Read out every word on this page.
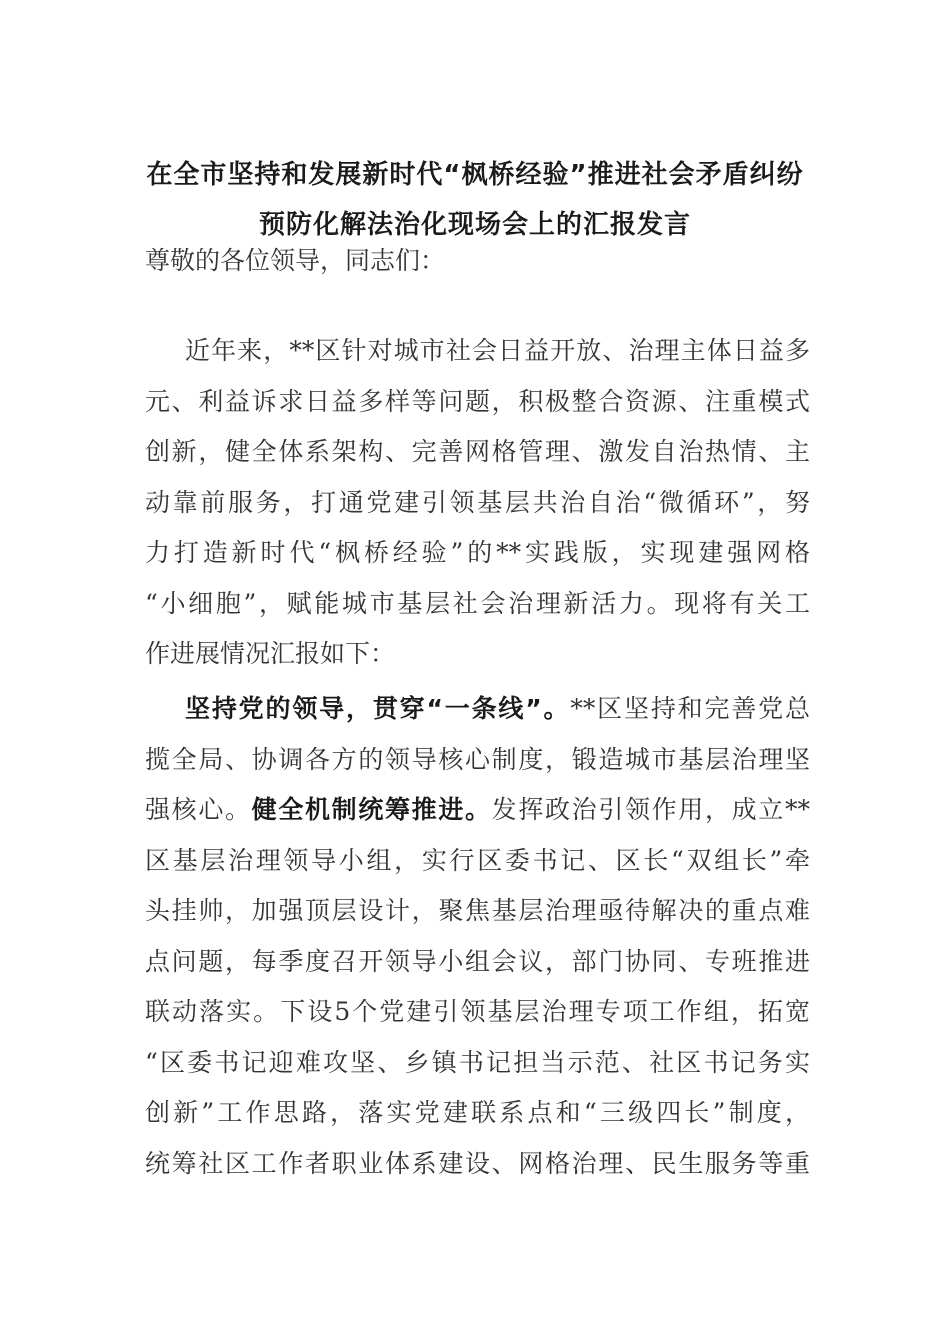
在全市坚持和发展新时代“枫桥经验”推进社会矛盾纠纷
预防化解法治化现场会上的汇报发言
尊敬的各位领导，同志们：
近年来，**区针对城市社会日益开放、治理主体日益多
元、利益诉求日益多样等问题，积极整合资源、注重模式
创新，健全体系架构、完善网格管理、激发自治热情、主
动靠前服务，打通党建引领基层共治自治“微循环”，努
力打造新时代“枫桥经验”的**实践版，实现建强网格
“小细胞”，赋能城市基层社会治理新活力。现将有关工
作进展情况汇报如下：
坚持党的领导，贯穿“一条线”。**区坚持和完善党总
揽全局、协调各方的领导核心制度，锻造城市基层治理坚
强核心。健全机制统筹推进。发挥政治引领作用，成立**
区基层治理领导小组，实行区委书记、区长“双组长”牵
头挂帅，加强顶层设计，聚焦基层治理亟待解决的重点难
点问题，每季度召开领导小组会议，部门协同、专班推进
联动落实。下设5个党建引领基层治理专项工作组，拓宽
“区委书记迎难攻坚、乡镇书记担当示范、社区书记务实
创新”工作思路，落实党建联系点和“三级四长”制度，
统筹社区工作者职业体系建设、网格治理、民生服务等重
